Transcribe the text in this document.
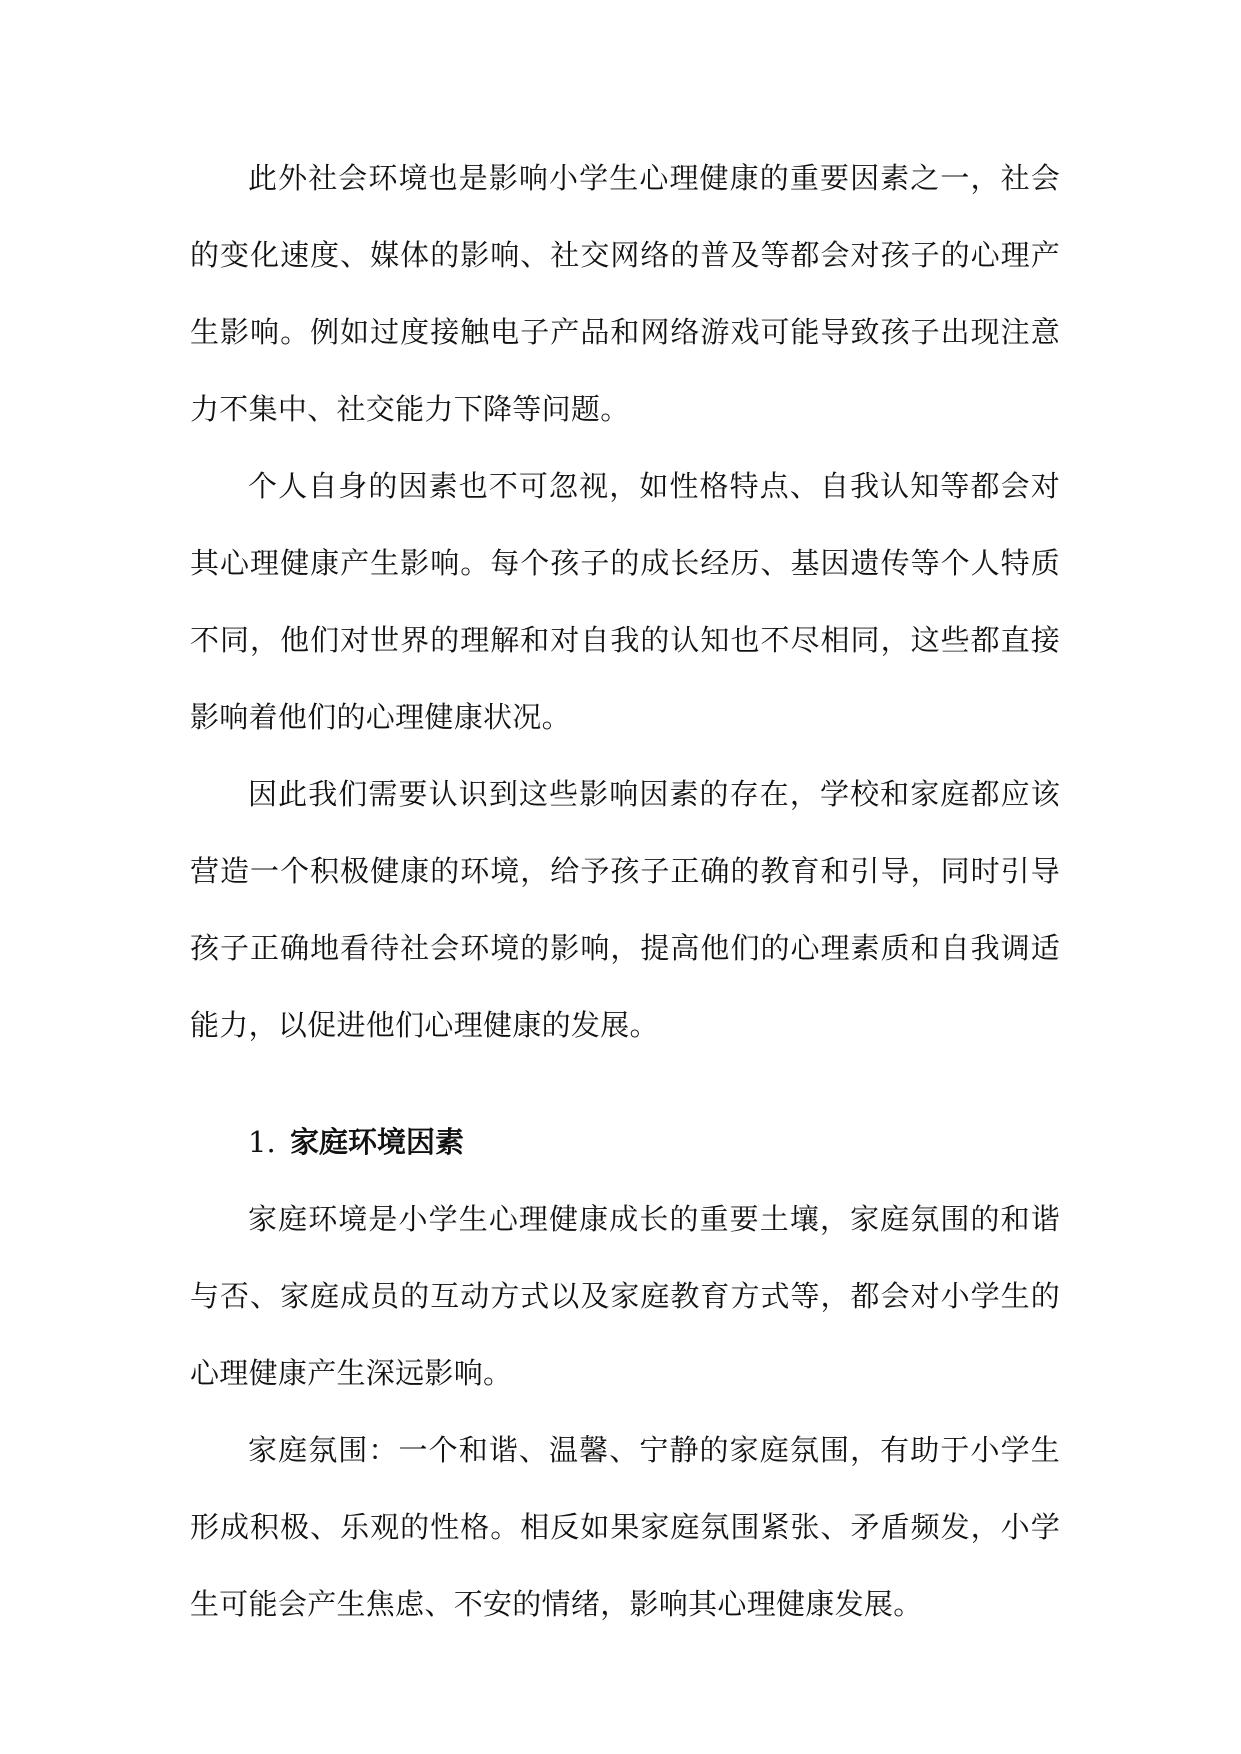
此外社会环境也是影响小学生心理健康的重要因素之一，社会的变化速度、媒体的影响、社交网络的普及等都会对孩子的心理产生影响。例如过度接触电子产品和网络游戏可能导致孩子出现注意力不集中、社交能力下降等问题。

个人自身的因素也不可忽视，如性格特点、自我认知等都会对其心理健康产生影响。每个孩子的成长经历、基因遗传等个人特质不同，他们对世界的理解和对自我的认知也不尽相同，这些都直接影响着他们的心理健康状况。

因此我们需要认识到这些影响因素的存在，学校和家庭都应该营造一个积极健康的环境，给予孩子正确的教育和引导，同时引导孩子正确地看待社会环境的影响，提高他们的心理素质和自我调适能力，以促进他们心理健康的发展。

1. 家庭环境因素

家庭环境是小学生心理健康成长的重要土壤，家庭氛围的和谐与否、家庭成员的互动方式以及家庭教育方式等，都会对小学生的心理健康产生深远影响。

家庭氛围：一个和谐、温馨、宁静的家庭氛围，有助于小学生形成积极、乐观的性格。相反如果家庭氛围紧张、矛盾频发，小学生可能会产生焦虑、不安的情绪，影响其心理健康发展。
